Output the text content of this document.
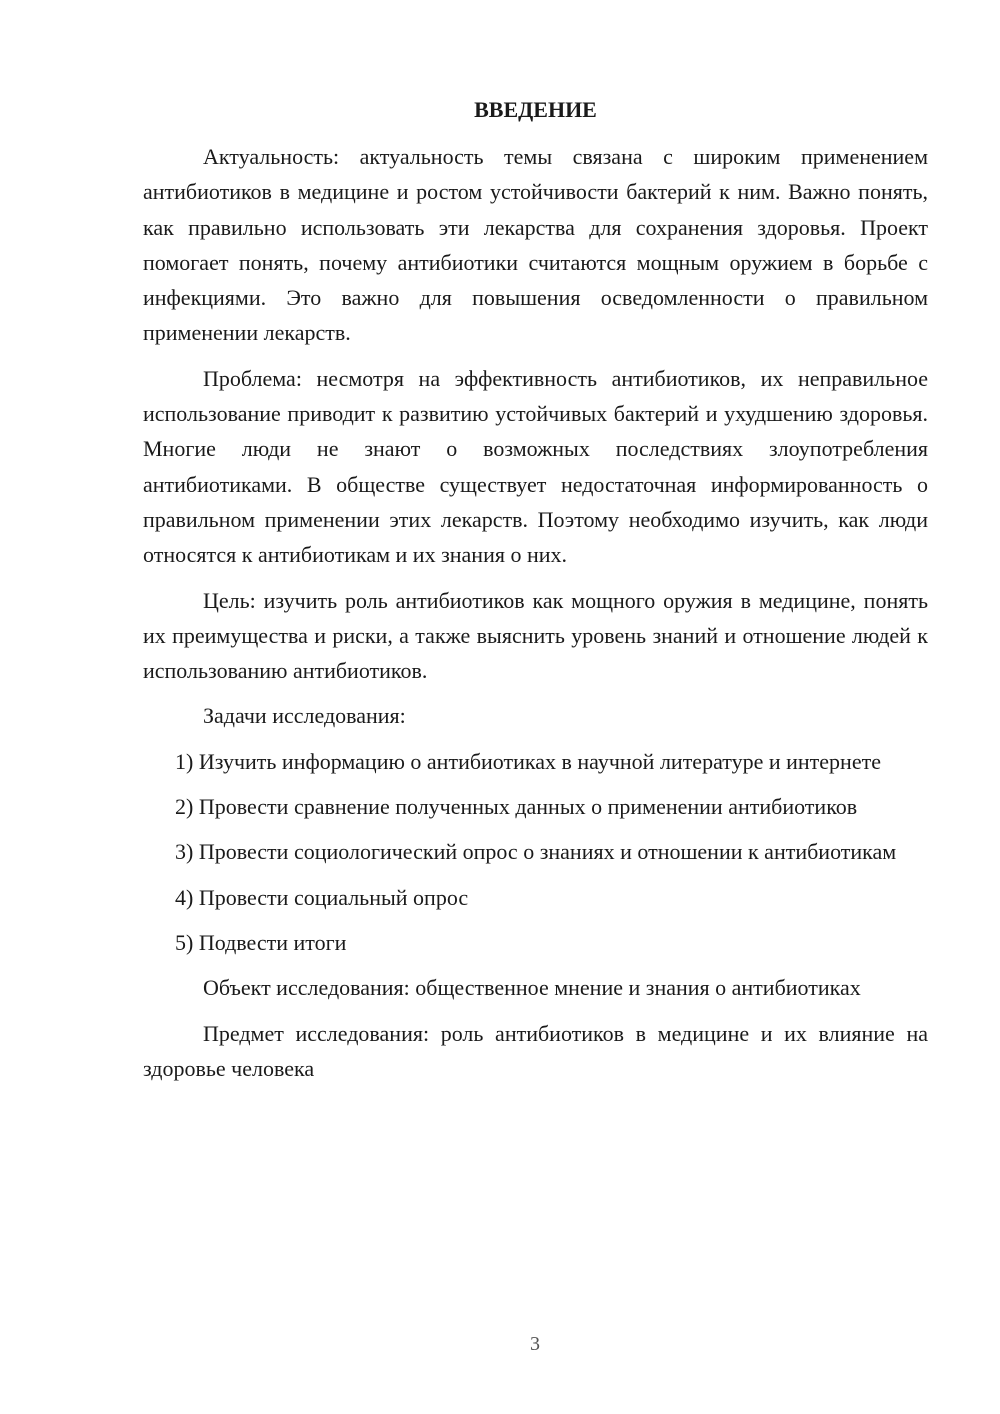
ВВЕДЕНИЕ

Актуальность: актуальность темы связана с широким применением антибиотиков в медицине и ростом устойчивости бактерий к ним. Важно понять, как правильно использовать эти лекарства для сохранения здоровья. Проект помогает понять, почему антибиотики считаются мощным оружием в борьбе с инфекциями. Это важно для повышения осведомленности о правильном применении лекарств.

Проблема: несмотря на эффективность антибиотиков, их неправильное использование приводит к развитию устойчивых бактерий и ухудшению здоровья. Многие люди не знают о возможных последствиях злоупотребления антибиотиками. В обществе существует недостаточная информированность о правильном применении этих лекарств. Поэтому необходимо изучить, как люди относятся к антибиотикам и их знания о них.

Цель: изучить роль антибиотиков как мощного оружия в медицине, понять их преимущества и риски, а также выяснить уровень знаний и отношение людей к использованию антибиотиков.

Задачи исследования:

1) Изучить информацию о антибиотиках в научной литературе и интернете

2) Провести сравнение полученных данных о применении антибиотиков

3) Провести социологический опрос о знаниях и отношении к антибиотикам

4) Провести социальный опрос

5) Подвести итоги

Объект исследования: общественное мнение и знания о антибиотиках

Предмет исследования: роль антибиотиков в медицине и их влияние на здоровье человека

3
